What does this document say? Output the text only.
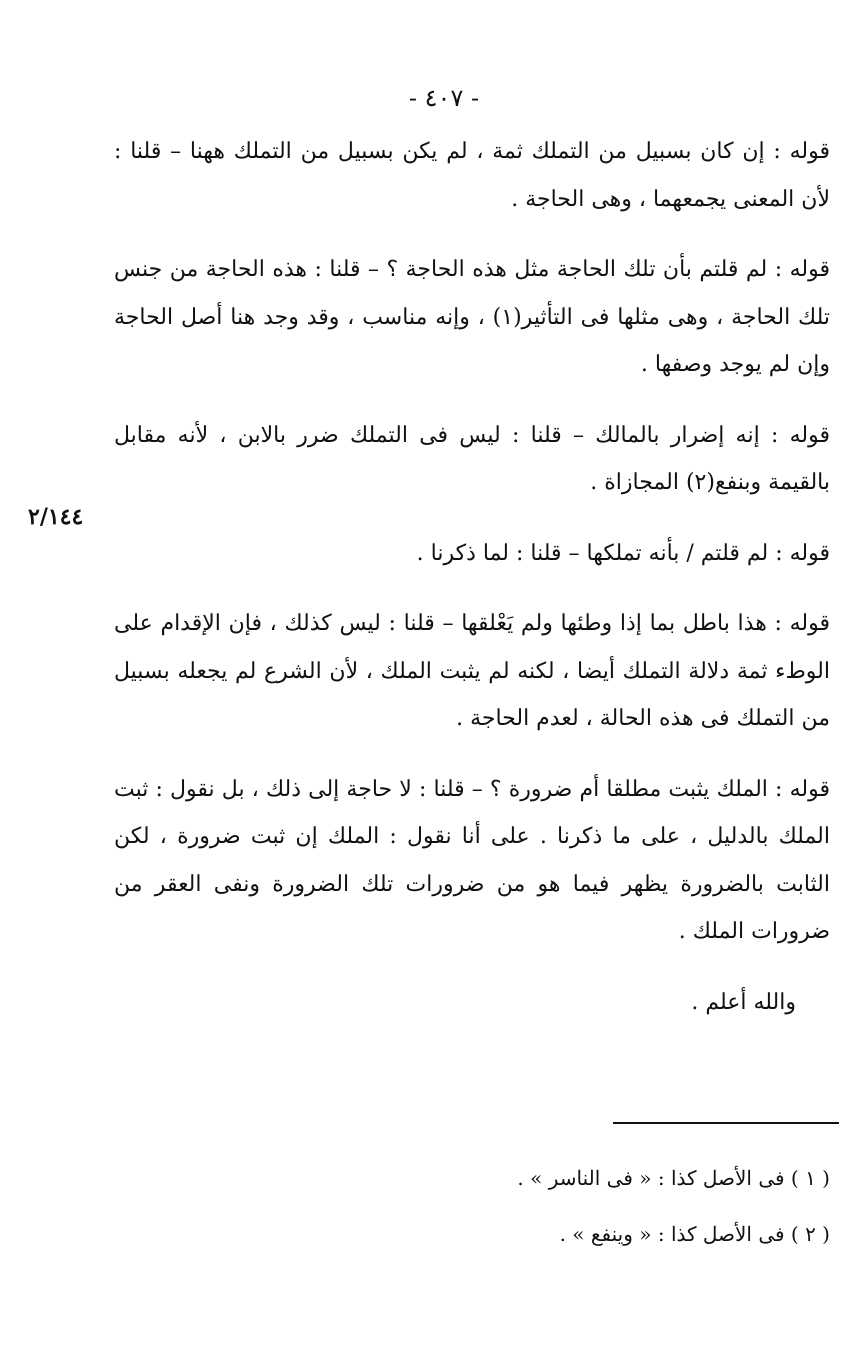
- ٤٠٧ -
٢/١٤٤

قوله : إن كان بسبيل من التملك ثمة ، لم يكن بسبيل من التملك ههنا – قلنا : لأن المعنى يجمعهما ، وهى الحاجة .

قوله : لم قلتم بأن تلك الحاجة مثل هذه الحاجة ؟ – قلنا : هذه الحاجة من جنس تلك الحاجة ، وهى مثلها فى التأثير(١) ، وإنه مناسب ، وقد وجد هنا أصل الحاجة وإن لم يوجد وصفها .

قوله : إنه إضرار بالمالك – قلنا : ليس فى التملك ضرر بالابن ، لأنه مقابل بالقيمة وبنفع(٢) المجازاة .

قوله : لم قلتم / بأنه تملكها – قلنا : لما ذكرنا .

قوله : هذا باطل بما إذا وطئها ولم يَعْلقها – قلنا : ليس كذلك ، فإن الإقدام على الوطء ثمة دلالة التملك أيضا ، لكنه لم يثبت الملك ، لأن الشرع لم يجعله بسبيل من التملك فى هذه الحالة ، لعدم الحاجة .

قوله : الملك يثبت مطلقا أم ضرورة ؟ – قلنا : لا حاجة إلى ذلك ، بل نقول : ثبت الملك بالدليل ، على ما ذكرنا . على أنا نقول : الملك إن ثبت ضرورة ، لكن الثابت بالضرورة يظهر فيما هو من ضرورات تلك الضرورة ونفى العقر من ضرورات الملك .

والله أعلم .

( ١ ) فى الأصل كذا : « فى الناسر » .

( ٢ ) فى الأصل كذا : « وينفع » .
